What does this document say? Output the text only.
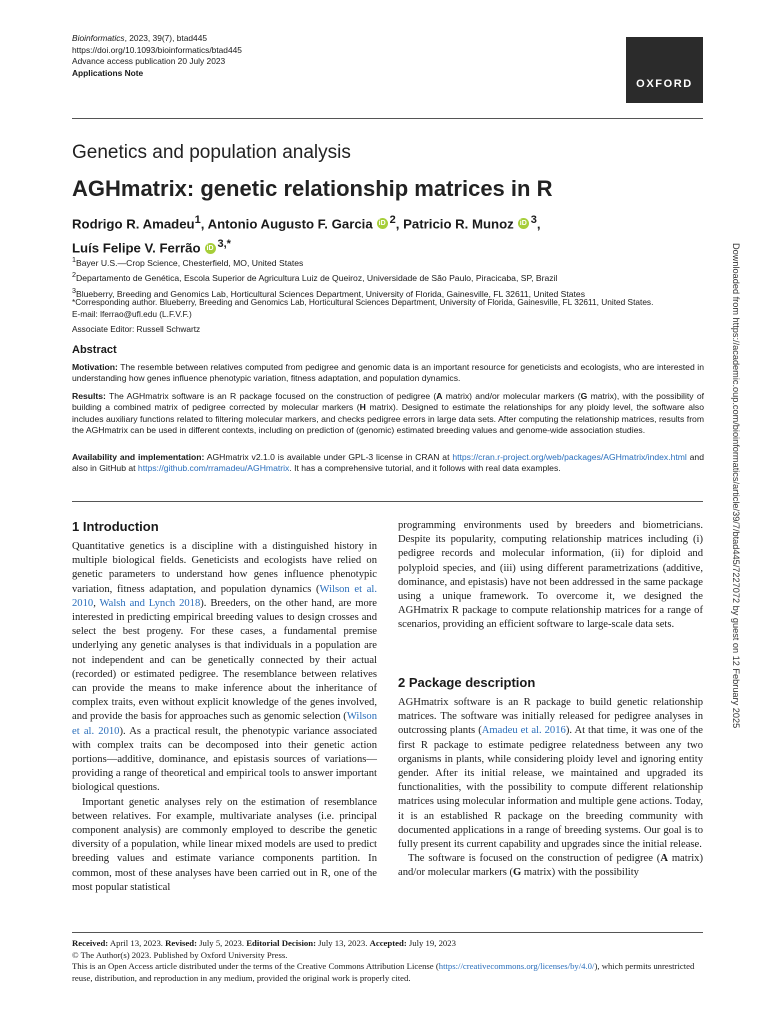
Bioinformatics, 2023, 39(7), btad445
https://doi.org/10.1093/bioinformatics/btad445
Advance access publication 20 July 2023
Applications Note
OXFORD
Genetics and population analysis
AGHmatrix: genetic relationship matrices in R
Rodrigo R. Amadeu$^1$, Antonio Augusto F. Garcia iD $^2$, Patricio R. Munoz iD $^3$,
Luís Felipe V. Ferrão iD $^{3,*}$
$^1$Bayer U.S.—Crop Science, Chesterfield, MO, United States
$^2$Departamento de Genética, Escola Superior de Agricultura Luiz de Queiroz, Universidade de São Paulo, Piracicaba, SP, Brazil
$^3$Blueberry, Breeding and Genomics Lab, Horticultural Sciences Department, University of Florida, Gainesville, FL 32611, United States
*Corresponding author. Blueberry, Breeding and Genomics Lab, Horticultural Sciences Department, University of Florida, Gainesville, FL 32611, United States.
E-mail: lferrao@ufl.edu (L.F.V.F.)
Associate Editor: Russell Schwartz
Abstract
Motivation: The resemble between relatives computed from pedigree and genomic data is an important resource for geneticists and ecologists, who are interested in understanding how genes influence phenotypic variation, fitness adaptation, and population dynamics.
Results: The AGHmatrix software is an R package focused on the construction of pedigree (A matrix) and/or molecular markers (G matrix), with the possibility of building a combined matrix of pedigree corrected by molecular markers (H matrix). Designed to estimate the relationships for any ploidy level, the software also includes auxiliary functions related to filtering molecular markers, and checks pedigree errors in large data sets. After computing the relationship matrices, results from the AGHmatrix can be used in different contexts, including on prediction of (genomic) estimated breeding values and genome-wide association studies.
Availability and implementation: AGHmatrix v2.1.0 is available under GPL-3 license in CRAN at https://cran.r-project.org/web/packages/AGHmatrix/index.html and also in GitHub at https://github.com/rramadeu/AGHmatrix. It has a comprehensive tutorial, and it follows with real data examples.
1 Introduction

Quantitative genetics is a discipline with a distinguished history in multiple biological fields. Geneticists and ecologists have relied on genetic parameters to understand how genes influence phenotypic variation, fitness adaptation, and population dynamics (Wilson et al. 2010, Walsh and Lynch 2018). Breeders, on the other hand, are more interested in predicting empirical breeding values to design crosses and select the best progeny. For these cases, a fundamental premise underlying any genetic analyses is that individuals in a population are not independent and can be genetically connected by their actual (recorded) or estimated pedigree. The resemblance between relatives can provide the means to make inference about the inheritance of complex traits, even without explicit knowledge of the genes involved, and provide the basis for approaches such as genomic selection (Wilson et al. 2010). As a practical result, the phenotypic variance associated with complex traits can be decomposed into their genetic action portions—additive, dominance, and epistasis sources of variations—providing a range of theoretical and empirical tools to answer important biological questions.

Important genetic analyses rely on the estimation of resemblance between relatives. For example, multivariate analyses (i.e. principal component analysis) are commonly employed to describe the genetic diversity of a population, while linear mixed models are used to predict breeding values and estimate variance components partition. In common, most of these analyses have been carried out in R, one of the most popular statistical

programming environments used by breeders and biometricians. Despite its popularity, computing relationship matrices including (i) pedigree records and molecular information, (ii) for diploid and polyploid species, and (iii) using different parametrizations (additive, dominance, and epistasis) have not been addressed in the same package using a unique framework. To overcome it, we designed the AGHmatrix R package to compute relationship matrices for a range of scenarios, providing an efficient software to large-scale data sets.

2 Package description

AGHmatrix software is an R package to build genetic relationship matrices. The software was initially released for pedigree analyses in outcrossing plants (Amadeu et al. 2016). At that time, it was one of the first R package to estimate pedigree relatedness between any two organisms in plants, while considering ploidy level and ignoring entity gender. After its initial release, we maintained and upgraded its functionalities, with the possibility to compute different relationship matrices using molecular information and multiple gene actions. Today, it is an established R package on the breeding community with documented applications in a range of breeding systems. Our goal is to fully present its current capability and upgrades since the initial release.

The software is focused on the construction of pedigree (A matrix) and/or molecular markers (G matrix) with the possibility

Downloaded from https://academic.oup.com/bioinformatics/article/39/7/btad445/7227072 by guest on 12 February 2025
Received: April 13, 2023. Revised: July 5, 2023. Editorial Decision: July 13, 2023. Accepted: July 19, 2023
© The Author(s) 2023. Published by Oxford University Press.
This is an Open Access article distributed under the terms of the Creative Commons Attribution License (https://creativecommons.org/licenses/by/4.0/), which permits unrestricted reuse, distribution, and reproduction in any medium, provided the original work is properly cited.
